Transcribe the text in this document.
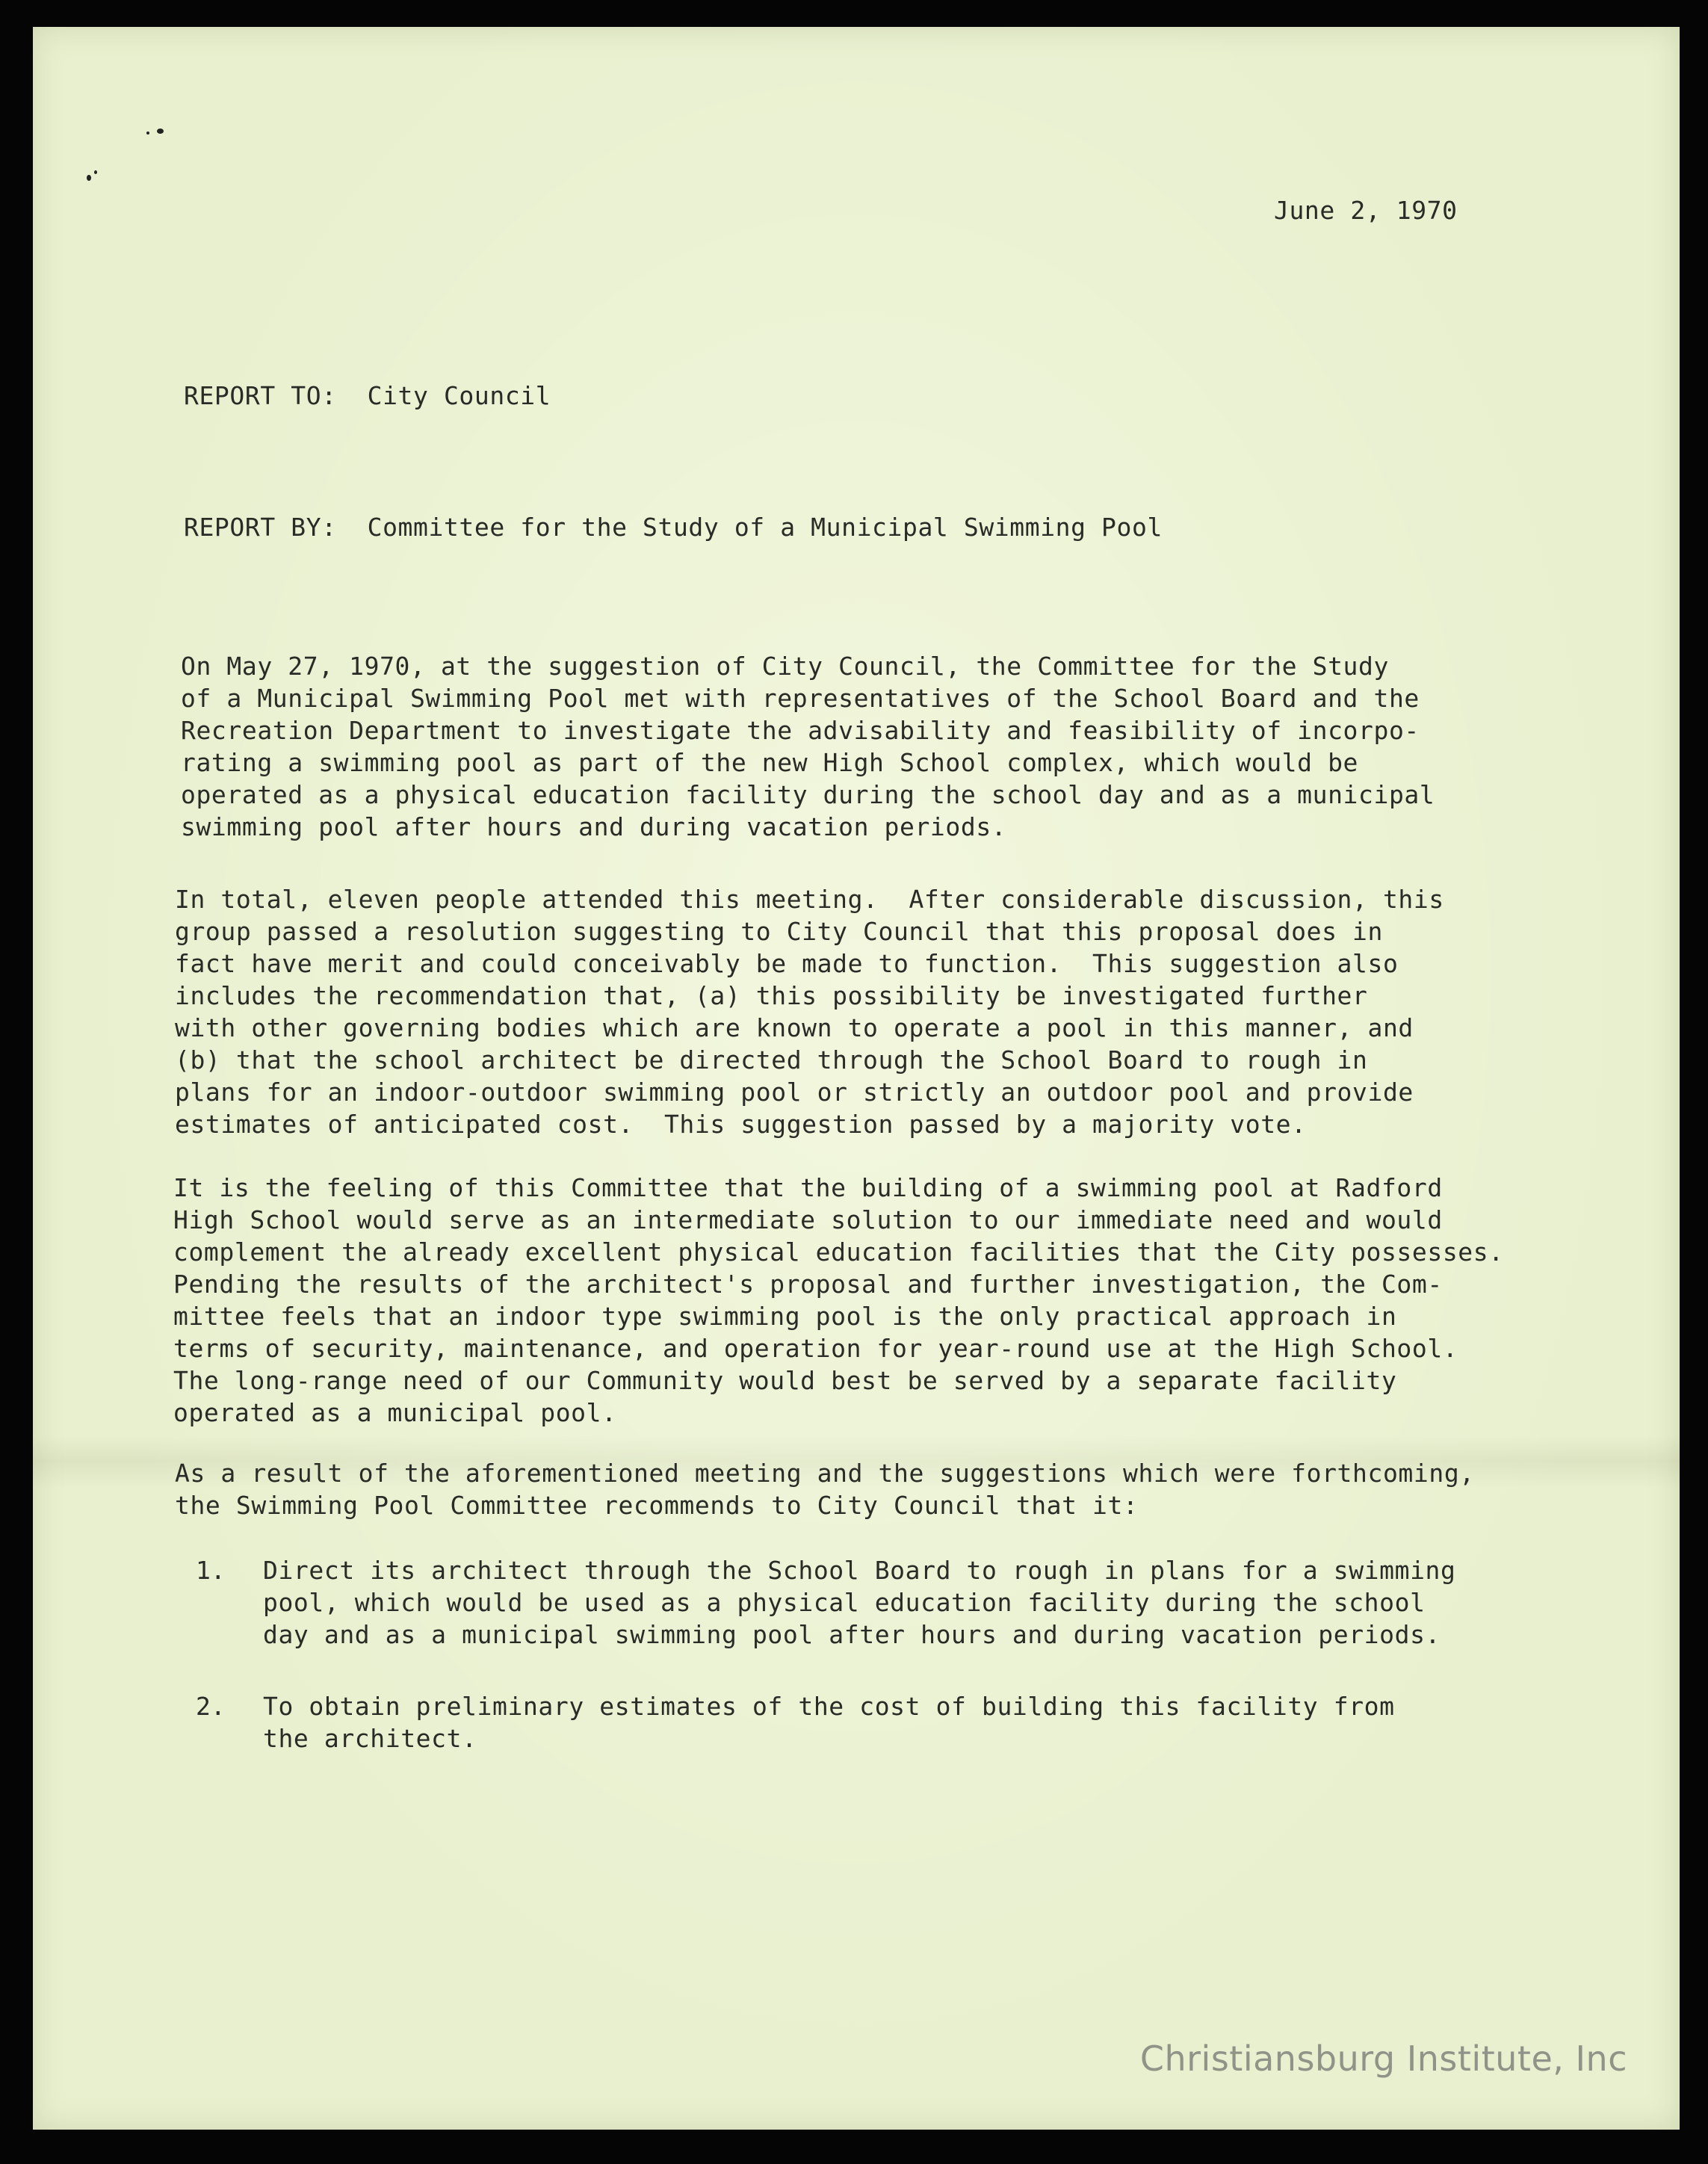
June 2, 1970
REPORT TO:  City Council
REPORT BY:  Committee for the Study of a Municipal Swimming Pool
On May 27, 1970, at the suggestion of City Council, the Committee for the Study
of a Municipal Swimming Pool met with representatives of the School Board and the
Recreation Department to investigate the advisability and feasibility of incorpo-
rating a swimming pool as part of the new High School complex, which would be
operated as a physical education facility during the school day and as a municipal
swimming pool after hours and during vacation periods.
In total, eleven people attended this meeting.  After considerable discussion, this
group passed a resolution suggesting to City Council that this proposal does in
fact have merit and could conceivably be made to function.  This suggestion also
includes the recommendation that, (a) this possibility be investigated further
with other governing bodies which are known to operate a pool in this manner, and
(b) that the school architect be directed through the School Board to rough in
plans for an indoor-outdoor swimming pool or strictly an outdoor pool and provide
estimates of anticipated cost.  This suggestion passed by a majority vote.
It is the feeling of this Committee that the building of a swimming pool at Radford
High School would serve as an intermediate solution to our immediate need and would
complement the already excellent physical education facilities that the City possesses.
Pending the results of the architect's proposal and further investigation, the Com-
mittee feels that an indoor type swimming pool is the only practical approach in
terms of security, maintenance, and operation for year-round use at the High School.
The long-range need of our Community would best be served by a separate facility
operated as a municipal pool.
As a result of the aforementioned meeting and the suggestions which were forthcoming,
the Swimming Pool Committee recommends to City Council that it:
1. Direct its architect through the School Board to rough in plans for a swimming
pool, which would be used as a physical education facility during the school
day and as a municipal swimming pool after hours and during vacation periods.
2. To obtain preliminary estimates of the cost of building this facility from
the architect.
Christiansburg Institute, Inc
